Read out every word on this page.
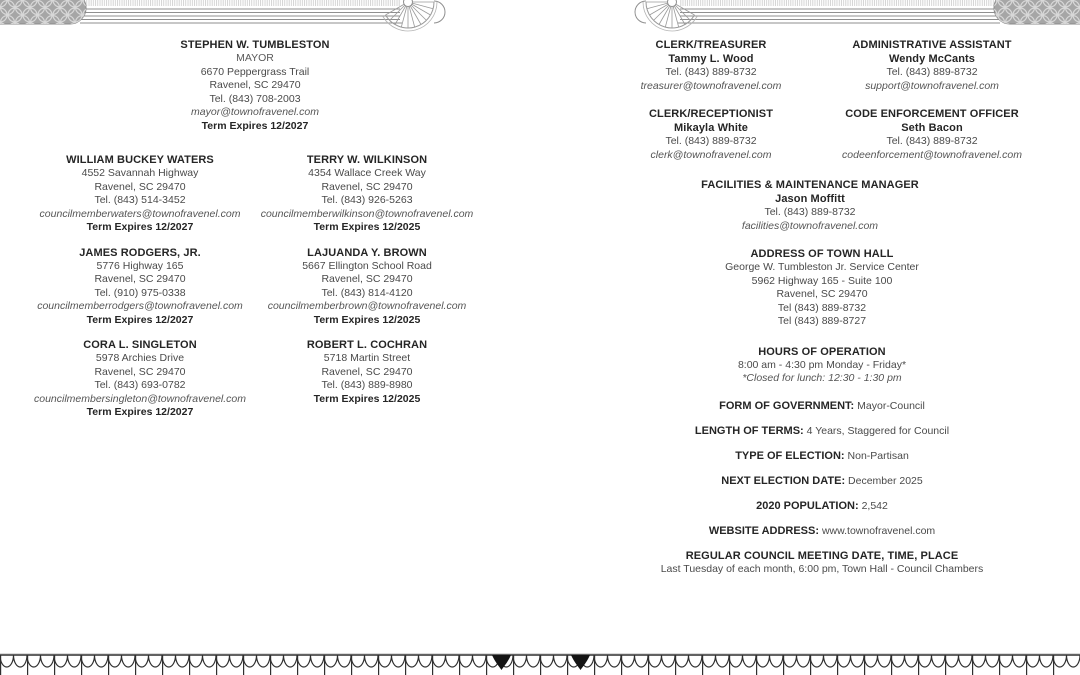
STEPHEN W. TUMBLESTON
MAYOR
6670 Peppergrass Trail
Ravenel, SC 29470
Tel. (843) 708-2003
mayor@townofravenel.com
Term Expires 12/2027
WILLIAM BUCKEY WATERS
4552 Savannah Highway
Ravenel, SC 29470
Tel. (843) 514-3452
councilmemberwaters@townofravenel.com
Term Expires 12/2027
TERRY W. WILKINSON
4354 Wallace Creek Way
Ravenel, SC 29470
Tel. (843) 926-5263
councilmemberwilkinson@townofravenel.com
Term Expires 12/2025
JAMES RODGERS, JR.
5776 Highway 165
Ravenel, SC 29470
Tel. (910) 975-0338
councilmemberrodgers@townofravenel.com
Term Expires 12/2027
LAJUANDA Y. BROWN
5667 Ellington School Road
Ravenel, SC 29470
Tel. (843) 814-4120
councilmemberbrown@townofravenel.com
Term Expires 12/2025
CORA L. SINGLETON
5978 Archies Drive
Ravenel, SC 29470
Tel. (843) 693-0782
councilmembersingleton@townofravenel.com
Term Expires 12/2027
ROBERT L. COCHRAN
5718 Martin Street
Ravenel, SC 29470
Tel. (843) 889-8980
Term Expires 12/2025
CLERK/TREASURER
Tammy L. Wood
Tel. (843) 889-8732
treasurer@townofravenel.com
ADMINISTRATIVE ASSISTANT
Wendy McCants
Tel. (843) 889-8732
support@townofravenel.com
CLERK/RECEPTIONIST
Mikayla White
Tel. (843) 889-8732
clerk@townofravenel.com
CODE ENFORCEMENT OFFICER
Seth Bacon
Tel. (843) 889-8732
codeenforcement@townofravenel.com
FACILITIES & MAINTENANCE MANAGER
Jason Moffitt
Tel. (843) 889-8732
facilities@townofravenel.com
ADDRESS OF TOWN HALL
George W. Tumbleston Jr. Service Center
5962 Highway 165 - Suite 100
Ravenel, SC 29470
Tel (843) 889-8732
Tel (843) 889-8727
HOURS OF OPERATION
8:00 am - 4:30 pm Monday - Friday*
*Closed for lunch: 12:30 - 1:30 pm
FORM OF GOVERNMENT: Mayor-Council
LENGTH OF TERMS: 4 Years, Staggered for Council
TYPE OF ELECTION: Non-Partisan
NEXT ELECTION DATE: December 2025
2020 POPULATION: 2,542
WEBSITE ADDRESS: www.townofravenel.com
REGULAR COUNCIL MEETING DATE, TIME, PLACE
Last Tuesday of each month, 6:00 pm, Town Hall - Council Chambers
